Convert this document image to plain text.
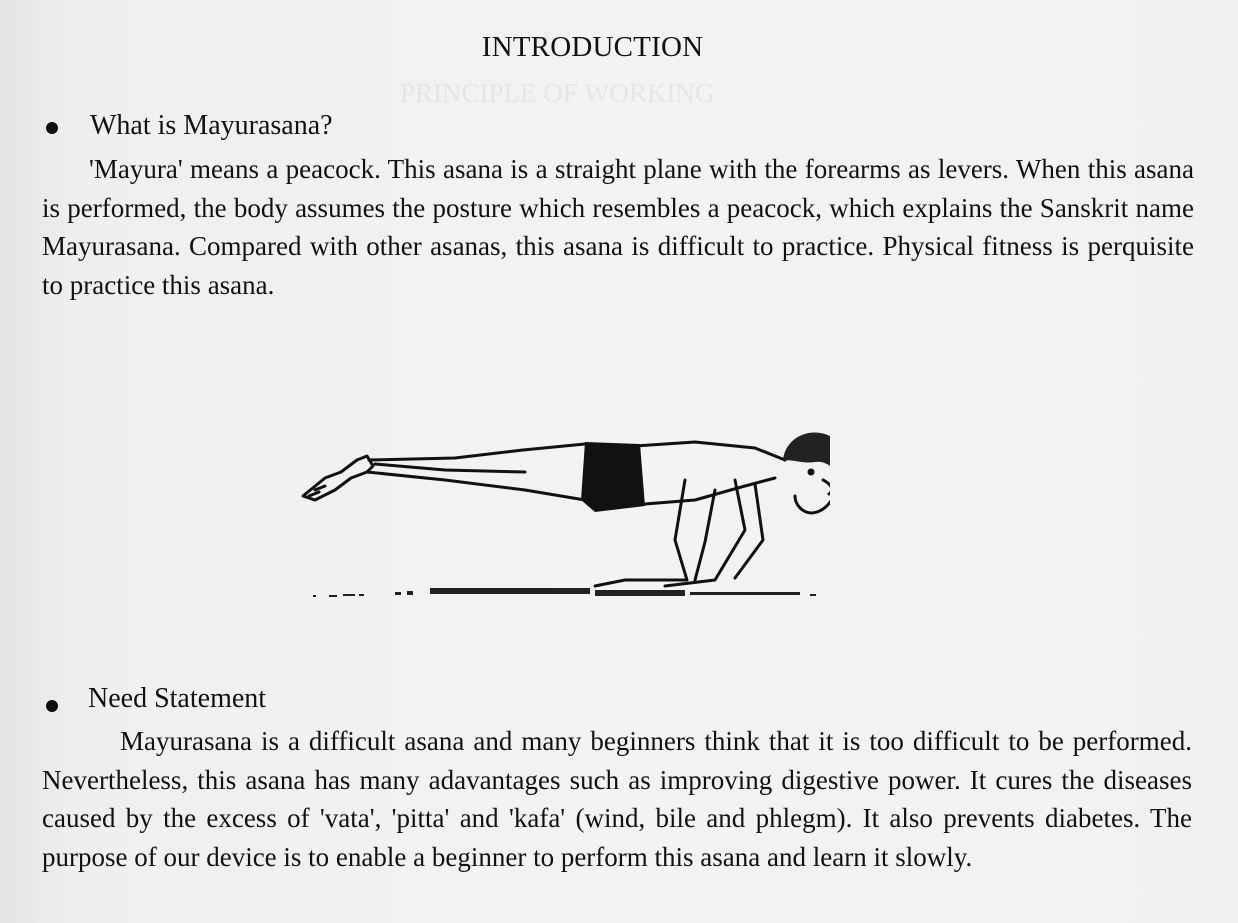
PRINCIPLE OF WORKING
INTRODUCTION
What is Mayurasana?
'Mayura' means a peacock. This asana is a straight plane with the forearms as levers. When this asana is performed, the body assumes the posture which resembles a peacock, which explains the Sanskrit name Mayurasana. Compared with other asanas, this asana is difficult to practice. Physical fitness is perquisite to practice this asana.
Need Statement
Mayurasana is a difficult asana and many beginners think that it is too difficult to be performed. Nevertheless, this asana has many adavantages such as improving digestive power. It cures the diseases caused by the excess of 'vata', 'pitta' and 'kafa' (wind, bile and phlegm). It also prevents diabetes. The purpose of our device is to enable a beginner to perform this asana and learn it slowly.
